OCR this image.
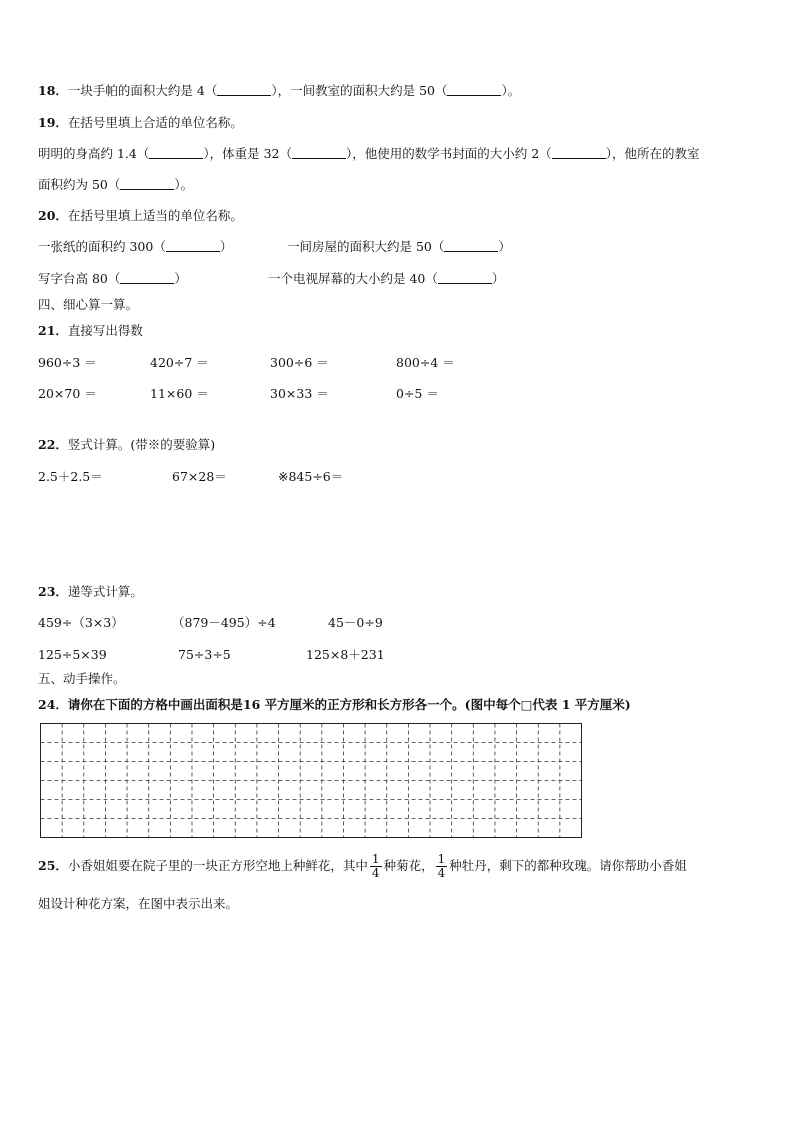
18．一块手帕的面积大约是 4（	），一间教室的面积大约是 50（	）。
19．在括号里填上合适的单位名称。
明明的身高约 1.4（	），体重是 32（	），他使用的数学书封面的大小约 2（	），他所在的教室
面积约为 50（	）。
20．在括号里填上适当的单位名称。
一张纸的面积约 300（	）	一间房屋的面积大约是 50（	）
写字台高 80（	）	一个电视屏幕的大小约是 40（	）
四、细心算一算。
21．直接写出得数
960÷3 ＝	420÷7 ＝	300÷6 ＝	800÷4 ＝
20×70 ＝	11×60 ＝	30×33 ＝	0÷5 ＝
22．竖式计算。(带※的要验算)
2.5＋2.5＝	67×28＝	※845÷6＝
23．递等式计算。
459÷（3×3）	（879－495）÷4	45－0÷9
125÷5×39	75÷3÷5	125×8＋231
五、动手操作。
24．请你在下面的方格中画出面积是16 平方厘米的正方形和长方形各一个。(图中每个□代表 1 平方厘米)
25．小香姐姐要在院子里的一块正方形空地上种鲜花，其中 $\frac{1}{4}$ 种菊花， $\frac{1}{4}$ 种牡丹，剩下的都种玫瑰。请你帮助小香姐
姐设计种花方案，在图中表示出来。
